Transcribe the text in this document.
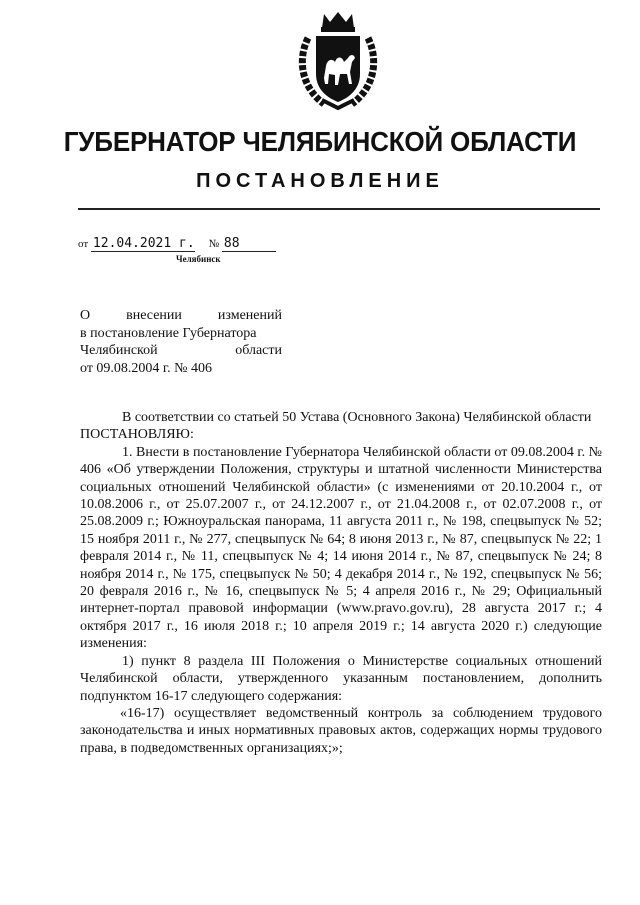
ГУБЕРНАТОР ЧЕЛЯБИНСКОЙ ОБЛАСТИ
ПОСТАНОВЛЕНИЕ
от 12.04.2021 г. № 88
Челябинск
О внесении изменений
в постановление Губернатора
Челябинской области
от 09.08.2004 г. № 406

В соответствии со статьей 50 Устава (Основного Закона) Челябинской области

ПОСТАНОВЛЯЮ:

1. Внести в постановление Губернатора Челябинской области от 09.08.2004 г. № 406 «Об утверждении Положения, структуры и штатной численности Министерства социальных отношений Челябинской области» (с изменениями от 20.10.2004 г., от 10.08.2006 г., от 25.07.2007 г., от 24.12.2007 г., от 21.04.2008 г., от 02.07.2008 г., от 25.08.2009 г.; Южноуральская панорама, 11 августа 2011 г., № 198, спецвыпуск № 52; 15 ноября 2011 г., № 277, спецвыпуск № 64; 8 июня 2013 г., № 87, спецвыпуск № 22; 1 февраля 2014 г., № 11, спецвыпуск № 4; 14 июня 2014 г., № 87, спецвыпуск № 24; 8 ноября 2014 г., № 175, спецвыпуск № 50; 4 декабря 2014 г., № 192, спецвыпуск № 56; 20 февраля 2016 г., № 16, спецвыпуск № 5; 4 апреля 2016 г., № 29; Официальный интернет-портал правовой информации (www.pravo.gov.ru), 28 августа 2017 г.; 4 октября 2017 г., 16 июля 2018 г.; 10 апреля 2019 г.; 14 августа 2020 г.) следующие изменения:

1) пункт 8 раздела III Положения о Министерстве социальных отношений Челябинской области, утвержденного указанным постановлением, дополнить подпунктом 16-17 следующего содержания:

«16-17) осуществляет ведомственный контроль за соблюдением трудового законодательства и иных нормативных правовых актов, содержащих нормы трудового права, в подведомственных организациях;»;
